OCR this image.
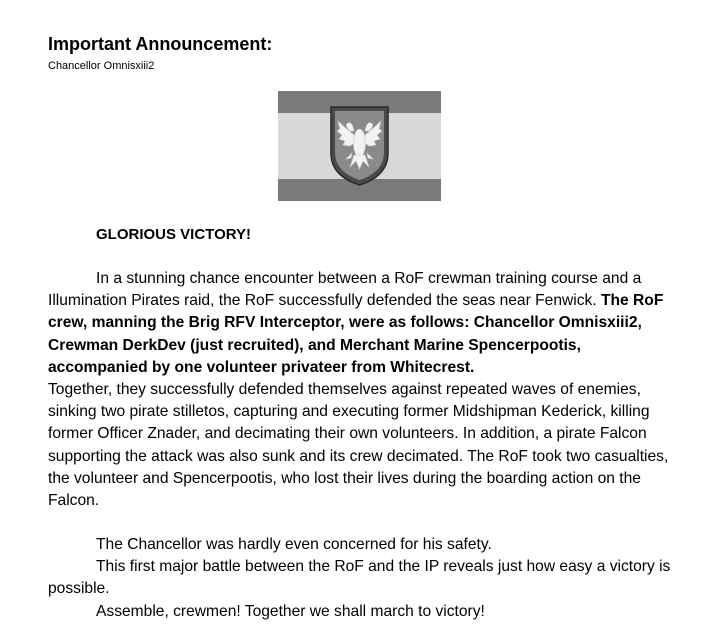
Important Announcement:
Chancellor Omnisxiii2
GLORIOUS VICTORY!

In a stunning chance encounter between a RoF crewman training course and a Illumination Pirates raid, the RoF successfully defended the seas near Fenwick. The RoF crew, manning the Brig RFV Interceptor, were as follows: Chancellor Omnisxiii2, Crewman DerkDev (just recruited), and Merchant Marine Spencerpootis, accompanied by one volunteer privateer from Whitecrest.
Together, they successfully defended themselves against repeated waves of enemies, sinking two pirate stilletos, capturing and executing former Midshipman Kederick, killing former Officer Znader, and decimating their own volunteers. In addition, a pirate Falcon supporting the attack was also sunk and its crew decimated. The RoF took two casualties, the volunteer and Spencerpootis, who lost their lives during the boarding action on the Falcon.

The Chancellor was hardly even concerned for his safety.
This first major battle between the RoF and the IP reveals just how easy a victory is possible.
Assemble, crewmen! Together we shall march to victory!
